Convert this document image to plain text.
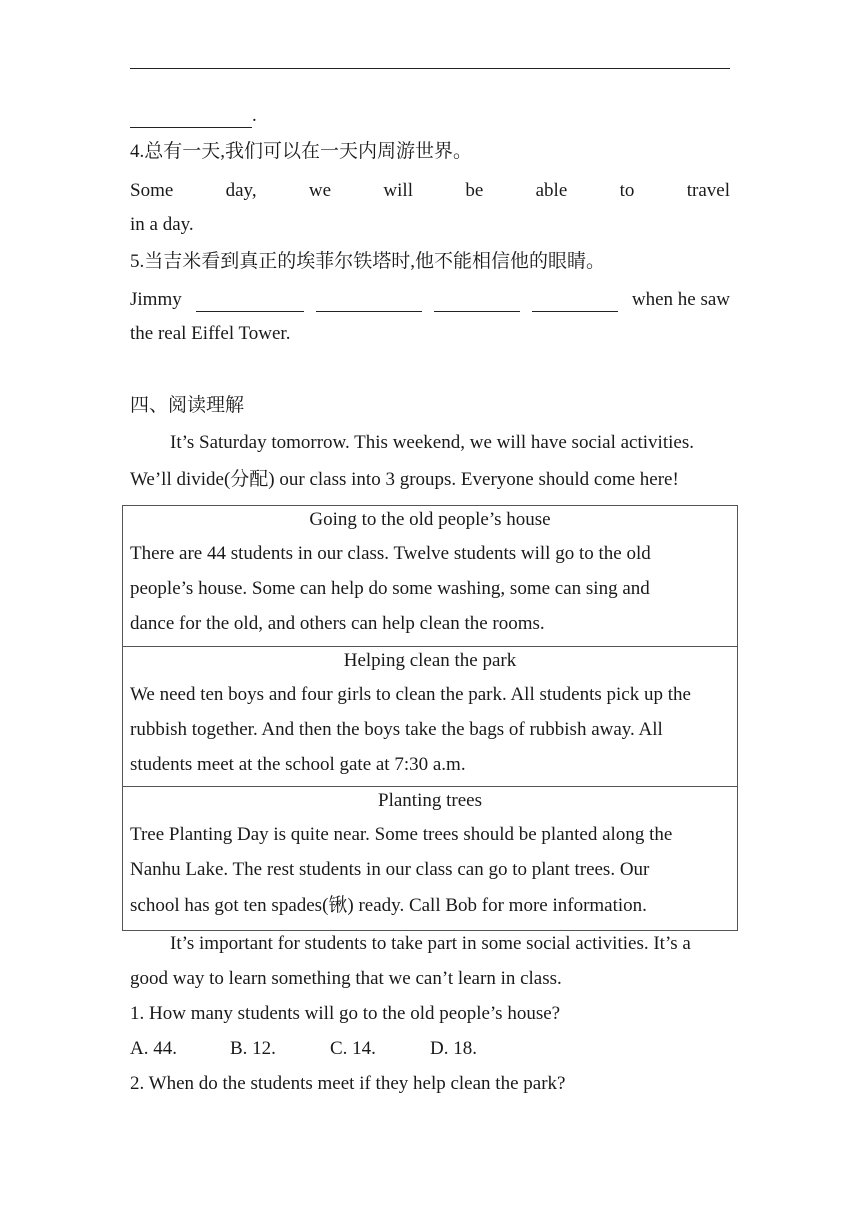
.
4.总有一天,我们可以在一天内周游世界。
Some	day,	we	will	be	able	to	travel
in a day.
5.当吉米看到真正的埃菲尔铁塔时,他不能相信他的眼睛。
Jimmy	when he saw
the real Eiffel Tower.
四、阅读理解
It’s Saturday tomorrow. This weekend, we will have social activities.
We’ll divide(分配) our class into 3 groups. Everyone should come here!
Going to the old people’s house
There are 44 students in our class. Twelve students will go to the old
people’s house. Some can help do some washing, some can sing and
dance for the old, and others can help clean the rooms.
Helping clean the park
We need ten boys and four girls to clean the park. All students pick up the
rubbish together. And then the boys take the bags of rubbish away. All
students meet at the school gate at 7:30 a.m.
Planting trees
Tree Planting Day is quite near. Some trees should be planted along the
Nanhu Lake. The rest students in our class can go to plant trees. Our
school has got ten spades(锹) ready. Call Bob for more information.
It’s important for students to take part in some social activities. It’s a
good way to learn something that we can’t learn in class.
1. How many students will go to the old people’s house?
A. 44.	B. 12.	C. 14.	D. 18.
2. When do the students meet if they help clean the park?
